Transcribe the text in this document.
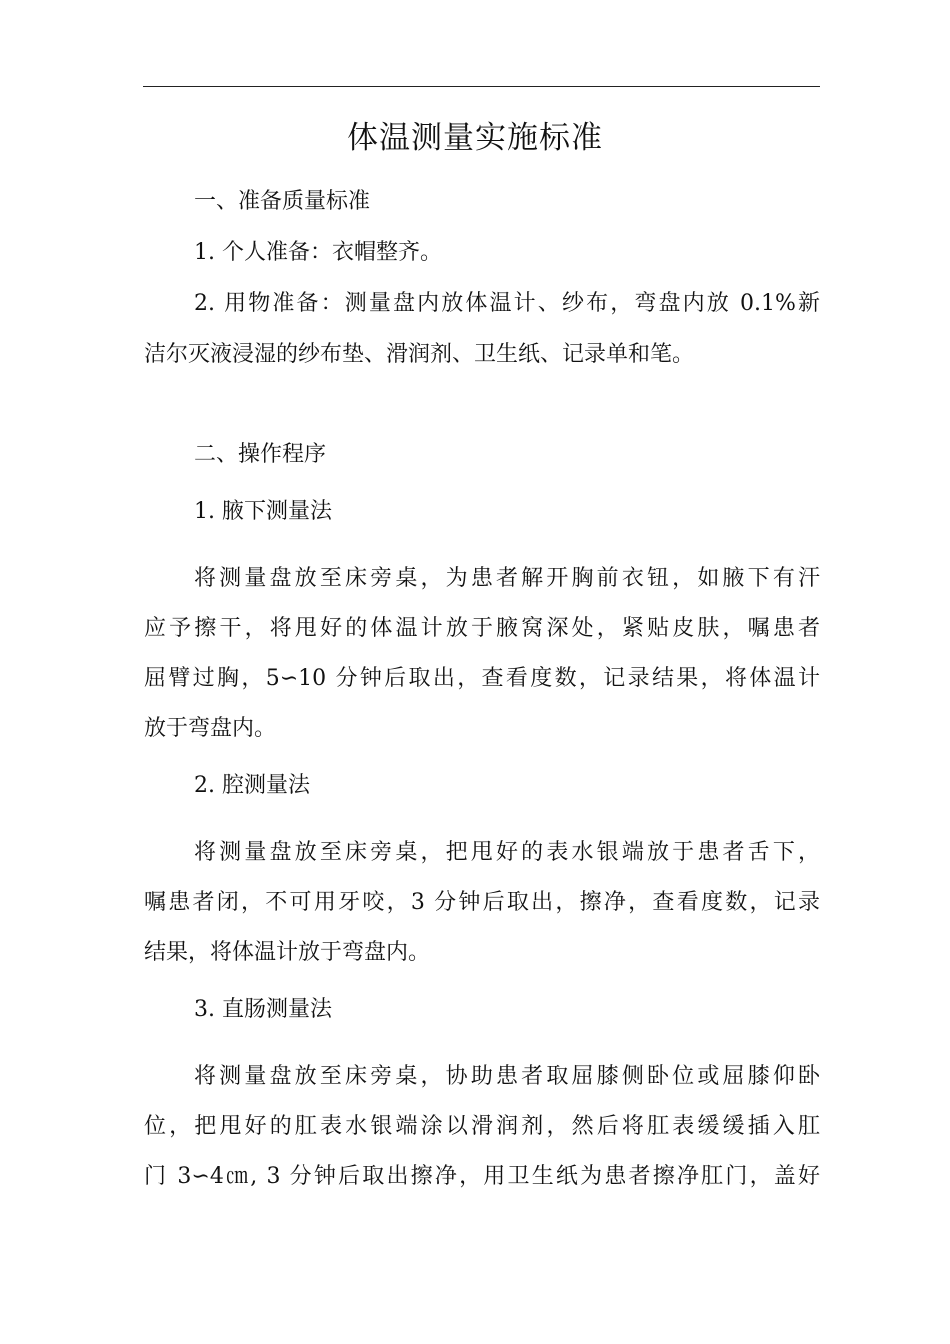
体温测量实施标准
一、准备质量标准
1. 个人准备：衣帽整齐。
2. 用物准备：测量盘内放体温计、纱布，弯盘内放 0.1%新
洁尔灭液浸湿的纱布垫、滑润剂、卫生纸、记录单和笔。
二、操作程序
1. 腋下测量法
将测量盘放至床旁桌，为患者解开胸前衣钮，如腋下有汗
应予擦干，将甩好的体温计放于腋窝深处，紧贴皮肤，嘱患者
屈臂过胸，5∽10 分钟后取出，查看度数，记录结果，将体温计
放于弯盘内。
2. 腔测量法
将测量盘放至床旁桌，把甩好的表水银端放于患者舌下，
嘱患者闭，不可用牙咬，3 分钟后取出，擦净，查看度数，记录
结果，将体温计放于弯盘内。
3. 直肠测量法
将测量盘放至床旁桌，协助患者取屈膝侧卧位或屈膝仰卧
位，把甩好的肛表水银端涂以滑润剂，然后将肛表缓缓插入肛
门 3∽4㎝, 3 分钟后取出擦净，用卫生纸为患者擦净肛门，盖好
